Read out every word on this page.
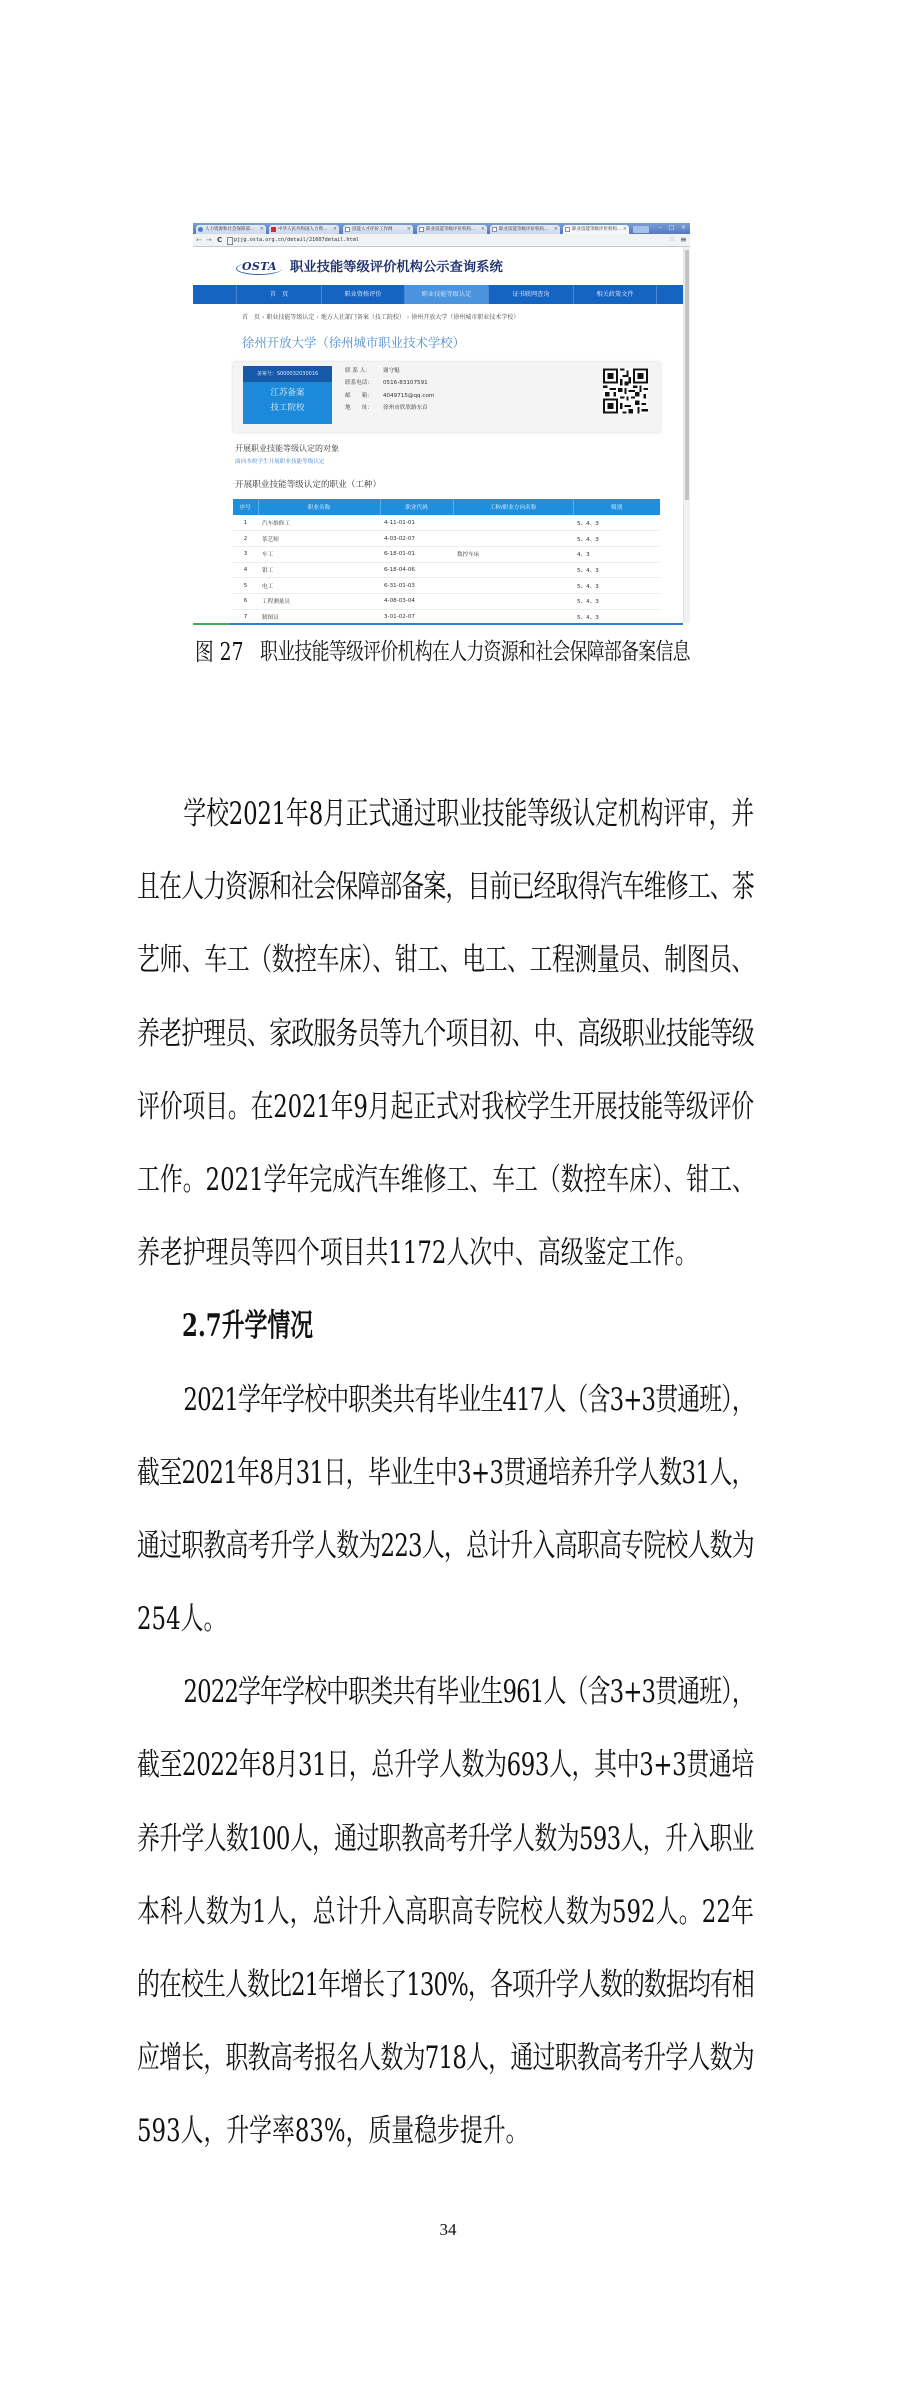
人力资源和社会保障部... ×	中华人民共和国人力资... ×	技能人才评价工作网	×	职业技能等级评价机构... ×	职业技能等级评价机构... ×	职业技能等级评价机构... ×	–	□	×
← → C pjjg.osta.org.cn/detail/21607detail.html	☆ ≡
OSTA 职业技能等级评价机构公示查询系统
首　页	职业资格评价	职业技能等级认定	证书联网查询	相关政策文件
首　页 › 职业技能等级认定 › 地方人社部门备案（技工院校） › 徐州开放大学（徐州城市职业技术学校）
徐州开放大学（徐州城市职业技术学校）
备案号：S000032030016
江苏备案
技工院校
联 系 人： 谢守魁
联系电话： 0516-83107591
邮　　箱： 4049715@qq.com
地　　址： 徐州市欣欣路东首
开展职业技能等级认定的对象
面向本校学生开展职业技能等级认定
开展职业技能等级认定的职业（工种）
序号	职业名称	职业代码	工种/职业方向名称	级别
1	汽车维修工	4-11-01-01		5、4、3
2	茶艺师	4-03-02-07		5、4、3
3	车工	6-18-01-01	数控车床	4、3
4	钳工	6-18-04-06		5、4、3
5	电工	6-31-01-03		5、4、3
6	工程测量员	4-08-03-04		5、4、3
7	制图员	3-01-02-07		5、4、3
图 27 职业技能等级评价机构在人力资源和社会保障部备案信息
学校2021年8月正式通过职业技能等级认定机构评审，并
且在人力资源和社会保障部备案，目前已经取得汽车维修工、茶
艺师、车工（数控车床）、钳工、电工、工程测量员、制图员、
养老护理员、家政服务员等九个项目初、中、高级职业技能等级
评价项目。在2021年9月起正式对我校学生开展技能等级评价
工作。2021学年完成汽车维修工、车工（数控车床）、钳工、
养老护理员等四个项目共1172人次中、高级鉴定工作。
2.7升学情况
2021学年学校中职类共有毕业生417人（含3+3贯通班），
截至2021年8月31日，毕业生中3+3贯通培养升学人数31人，
通过职教高考升学人数为223人，总计升入高职高专院校人数为
254人。
2022学年学校中职类共有毕业生961人（含3+3贯通班），
截至2022年8月31日，总升学人数为693人，其中3+3贯通培
养升学人数100人，通过职教高考升学人数为593人，升入职业
本科人数为1人，总计升入高职高专院校人数为592人。22年
的在校生人数比21年增长了130%，各项升学人数的数据均有相
应增长，职教高考报名人数为718人，通过职教高考升学人数为
593人，升学率83%，质量稳步提升。
34
